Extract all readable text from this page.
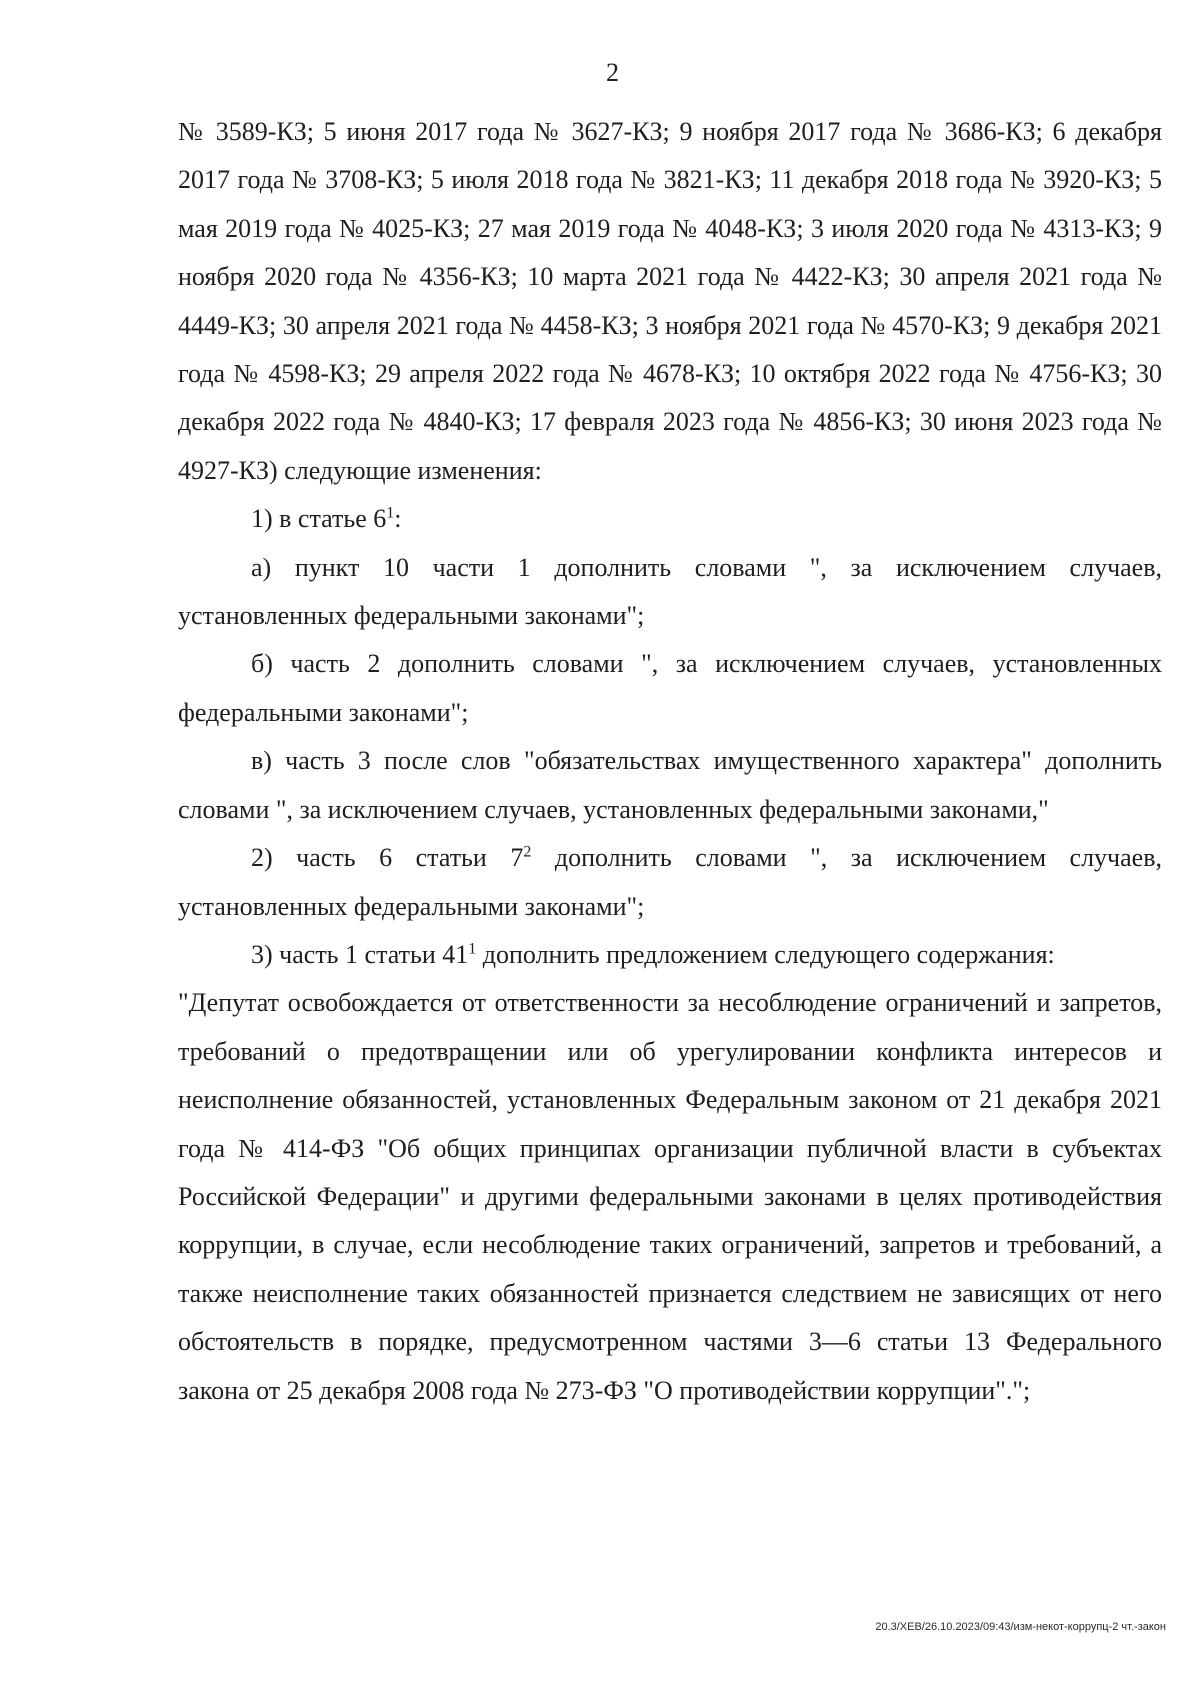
2

№ 3589-КЗ; 5 июня 2017 года № 3627-КЗ; 9 ноября 2017 года № 3686-КЗ; 6 декабря 2017 года № 3708-КЗ; 5 июля 2018 года № 3821-КЗ; 11 декабря 2018 года № 3920-КЗ; 5 мая 2019 года № 4025-КЗ; 27 мая 2019 года № 4048-КЗ; 3 июля 2020 года № 4313-КЗ; 9 ноября 2020 года № 4356-КЗ; 10 марта 2021 года № 4422-КЗ; 30 апреля 2021 года № 4449-КЗ; 30 апреля 2021 года № 4458-КЗ; 3 ноября 2021 года № 4570-КЗ; 9 декабря 2021 года № 4598-КЗ; 29 апреля 2022 года № 4678-КЗ; 10 октября 2022 года № 4756-КЗ; 30 декабря 2022 года № 4840-КЗ; 17 февраля 2023 года № 4856-КЗ; 30 июня 2023 года № 4927-КЗ) следующие изменения:

1) в статье $6^1$:

а) пункт 10 части 1 дополнить словами ", за исключением случаев, установленных федеральными законами";

б) часть 2 дополнить словами ", за исключением случаев, установленных федеральными законами";

в) часть 3 после слов "обязательствах имущественного характера" дополнить словами ", за исключением случаев, установленных федеральными законами,"

2) часть 6 статьи $7^2$ дополнить словами ", за исключением случаев, установленных федеральными законами";

3) часть 1 статьи $41^1$ дополнить предложением следующего содержания:

"Депутат освобождается от ответственности за несоблюдение ограничений и запретов, требований о предотвращении или об урегулировании конфликта интересов и неисполнение обязанностей, установленных Федеральным законом от 21 декабря 2021 года № 414-ФЗ "Об общих принципах организации публичной власти в субъектах Российской Федерации" и другими федеральными законами в целях противодействия коррупции, в случае, если несоблюдение таких ограничений, запретов и требований, а также неисполнение таких обязанностей признается следствием не зависящих от него обстоятельств в порядке, предусмотренном частями 3—6 статьи 13 Федерального закона от 25 декабря 2008 года № 273-ФЗ "О противодействии коррупции".";

20.3/ХЕВ/26.10.2023/09:43/изм-некот-коррупц-2 чт.-закон
